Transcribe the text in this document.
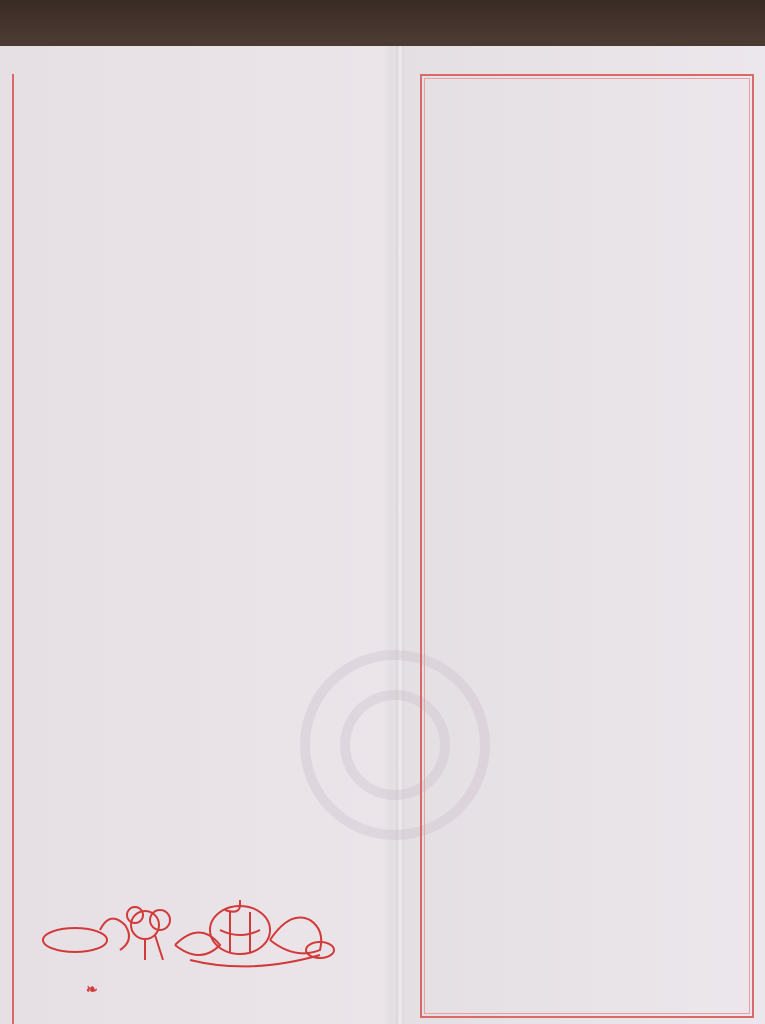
❧
